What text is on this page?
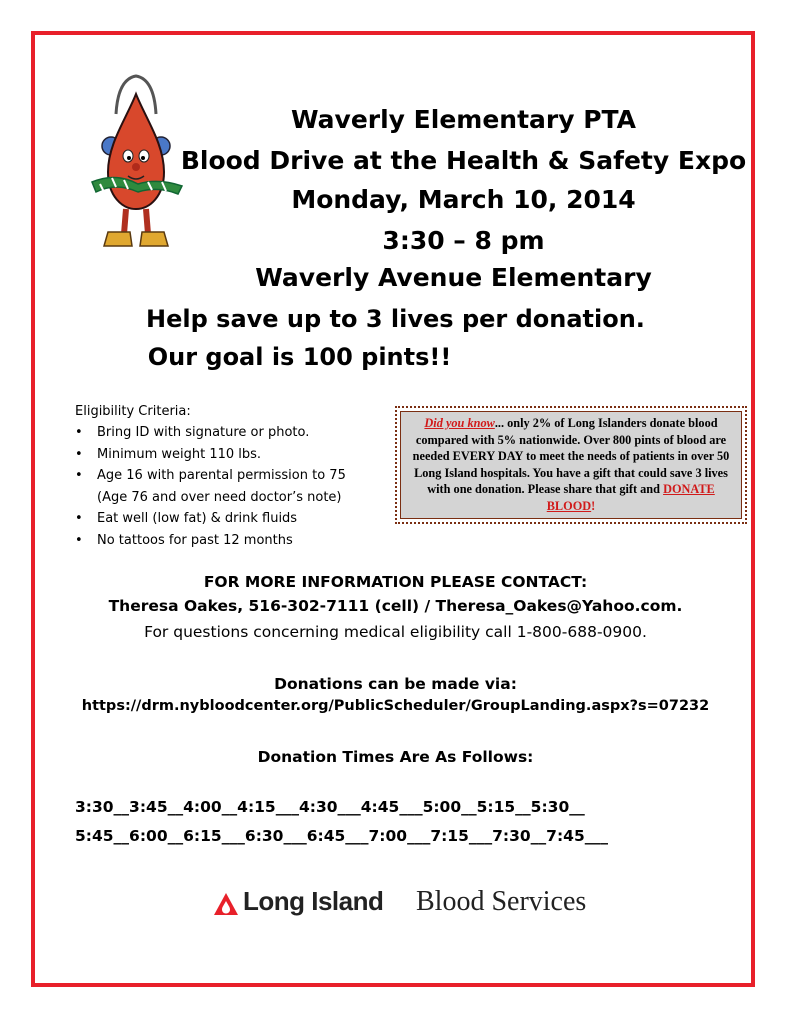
Waverly Elementary PTA
Blood Drive at the Health & Safety Expo
Monday, March 10, 2014
3:30 – 8 pm
Waverly Avenue Elementary
Help save up to 3 lives per donation.
Our goal is 100 pints!!
Eligibility Criteria:
• Bring ID with signature or photo.
• Minimum weight 110 lbs.
• Age 16 with parental permission to 75
(Age 76 and over need doctor’s note)
• Eat well (low fat) & drink fluids
• No tattoos for past 12 months
Did you know... only 2% of Long Islanders donate blood compared with 5% nationwide. Over 800 pints of blood are needed EVERY DAY to meet the needs of patients in over 50 Long Island hospitals. You have a gift that could save 3 lives with one donation. Please share that gift and DONATE BLOOD!
FOR MORE INFORMATION PLEASE CONTACT:
Theresa Oakes, 516-302-7111 (cell) / Theresa_Oakes@Yahoo.com.
For questions concerning medical eligibility call 1-800-688-0900.
Donations can be made via:
https://drm.nybloodcenter.org/PublicScheduler/GroupLanding.aspx?s=07232
Donation Times Are As Follows:
3:30__3:45__4:00__4:15___4:30___4:45___5:00__5:15__5:30__
5:45__6:00__6:15___6:30___6:45___7:00___7:15___7:30__7:45___
Long Island Blood Services
